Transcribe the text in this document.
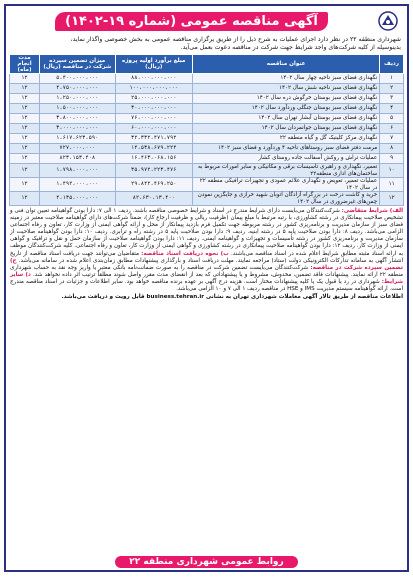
آگهی مناقصه عمومی (شماره ۱۹-۱۴۰۲)
شهرداری منطقه ۲۲ در نظر دارد اجرای عملیات به شرح ذیل را از طریق برگزاری مناقصه عمومی به بخش خصوصی واگذار نماید،
بدینوسیله از کلیه شرکت‌های واجد شرایط جهت شرکت در مناقصه دعوت بعمل می‌آید.
ردیف	عنوان مناقصه	مبلغ برآورد اولیه پروژه (ریال)	میزان تضمین سپرده شرکت در مناقصه (ریال)	مدت انجام (ماه)
۱	نگهداری فضای سبز ناحیه چهار سال ۱۴۰۲	۸۸،۰۰۰،۰۰۰،۰۰۰	۵،۴۰۰،۰۰۰،۰۰۰	۱۲
۲	نگهداری فضای سبز ناحیه شش سال ۱۴۰۲	۱۰۰،۰۰۰،۰۰۰،۰۰۰	۴،۷۵۰،۰۰۰،۰۰۰	۱۲
۳	نگهداری فضای سبز بوستان خرگوش دره سال ۱۴۰۲	۲۵،۰۰۰،۰۰۰،۰۰۰	۱،۲۵۰،۰۰۰،۰۰۰	۱۲
۴	نگهداری فضای سبز بوستان جنگلی وردآورد سال ۱۴۰۲	۳۰،۰۰۰،۰۰۰،۰۰۰	۱،۵۰۰،۰۰۰،۰۰۰	۱۲
۵	نگهداری فضای سبز بوستان آبشار تهران سال ۱۴۰۲	۷۶،۰۰۰،۰۰۰،۰۰۰	۳،۸۰۰،۰۰۰،۰۰۰	۱۲
۶	نگهداری فضای سبز بوستان جوانمردان سال ۱۴۰۲	۶۰،۰۰۰،۰۰۰،۰۰۰	۳،۰۰۰،۰۰۰،۰۰۰	۱۲
۷	نگهداری مرکز کلینیک گل و گیاه منطقه ۲۲	۳۲،۳۳۲،۴۷۱،۷۹۲	۱،۶۱۷،۶۲۳،۵۹۰	۱۲
۸	مرمت دفتر فضای سبز روستاهای ناحیه ۴ وردآورد و فضای سبز ۱۴۰۲	۱۴،۵۳۸،۶۷۹،۲۲۴	۷۲۷،۰۰۰،۰۰۰	۱۲
۹	عملیات تراش و روکش آسفالت جاده روستای کشار	۱۶،۴۶۳،۰۶۸،۱۵۶	۸۲۳،۱۵۳،۴۰۸	۱۲
۱۰	تعمیر، نگهداری و راهبری تاسیسات برقی و مکانیکی و سایر امورات مربوط به ساختمان‌های اداری منطقه۲۲	۳۵،۹۷۲،۲۲۳،۴۷۶	۱،۷۹۸،۰۰۰،۰۰۰	۱۲
۱۱	عملیات تعمیر، تعویض و نگهداری علائم عمودی و تجهیزات ترافیکی منطقه ۲۲ در سال ۱۴۰۲	۲۹،۸۴۲،۴۶۹،۲۵۰	۱،۴۹۲،۰۰۰،۰۰۰	۱۲
۱۲	خرید و کاشت درخت در بزرگراه آزادگان اتوبان شهید خرازی و جایگزین نمودن چمن‌های غیرضروری در سال ۱۴۰۲	۸۲،۶۳۰،۱۳،۴۰۰	۴،۱۳۵،۰۰۰،۰۰۰	۱۲
الف) شرایط متقاضی: شرکت‌کنندگان می‌بایست دارای شرایط مندرج در اسناد و شرایط خصوصی مناقصه باشند. ردیف ۱ الی ۷: دارا بودن گواهینامه تعیین توان فنی و تشخیص صلاحیت پیمانکاری در رشته کشاورزی، با رتبه مرتبط با مبلغ پیمان (ظرفیت ریالی و ظرفیت ارجاع کار)، ضمناً شرکت‌های دارای گواهینامه صلاحیت معتبر در زمینه فضای سبز از سازمان مدیریت و برنامه‌ریزی کشور در رشته مربوطه جهت تکمیل فرم بازدید پیمانکار از محل و ارائه گواهی ایمنی از وزارت کار، تعاون و رفاه اجتماعی الزامی می‌باشد. ردیف ۸: دارا بودن صلاحیت پایه ۵ در رشته ابنیه. ردیف ۹: دارا بودن صلاحیت پایه ۵ در رشته راه و ترابری. ردیف ۱۰: دارا بودن گواهینامه صلاحیت از سازمان مدیریت و برنامه‌ریزی کشور در رشته تأسیسات و تجهیزات و گواهینامه ایمنی. ردیف ۱۱: دارا بودن گواهینامه صلاحیت از سازمان حمل و نقل و ترافیک و گواهی ایمنی از وزارت کار. ردیف ۱۲: دارا بودن گواهینامه صلاحیت پیمانکاری در رشته کشاورزی و گواهی ایمنی از وزارت کار، تعاون و رفاه اجتماعی. کلیه شرکت‌کنندگان موظف به ارائه اسناد مثبته مطابق شرایط اعلام شده در اسناد مناقصه می‌باشند. ب) نحوه دریافت اسناد مناقصه: متقاضیان می‌توانند جهت دریافت اسناد مناقصه از تاریخ انتشار آگهی به سامانه تدارکات الکترونیکی دولت (ستاد) مراجعه نمایند. مهلت دریافت اسناد و بارگذاری پیشنهادات مطابق زمان‌بندی اعلام شده در سامانه می‌باشد. ج) تضمین سپرده شرکت در مناقصه: شرکت‌کنندگان می‌بایست تضمین شرکت در مناقصه را به صورت ضمانت‌نامه بانکی معتبر یا واریز وجه نقد به حساب شهرداری منطقه ۲۲ ارائه نمایند. پیشنهادات فاقد تضمین، مخدوش، مشروط و یا پیشنهاداتی که بعد از انقضای مدت مقرر واصل شوند مطلقاً ترتیب اثر داده نخواهد شد. د) سایر شرایط: شهرداری در رد یا قبول یک یا کلیه پیشنهادات مختار است. هزینه درج آگهی بر عهده برنده مناقصه خواهد بود. سایر اطلاعات و جزئیات در اسناد مناقصه مندرج است. ارائه گواهینامه سیستم مدیریت IMS و HSE در مناقصه ردیف ۱ الی ۷ و ۱۰ الزامی می‌باشد.
اطلاعات مناقصه از طریق تالار آگهی معاملات شهرداری تهران به نشانی business.tehran.ir قابل رویت و دریافت می‌باشد.
روابط عمومی شهرداری منطقه ۲۲
